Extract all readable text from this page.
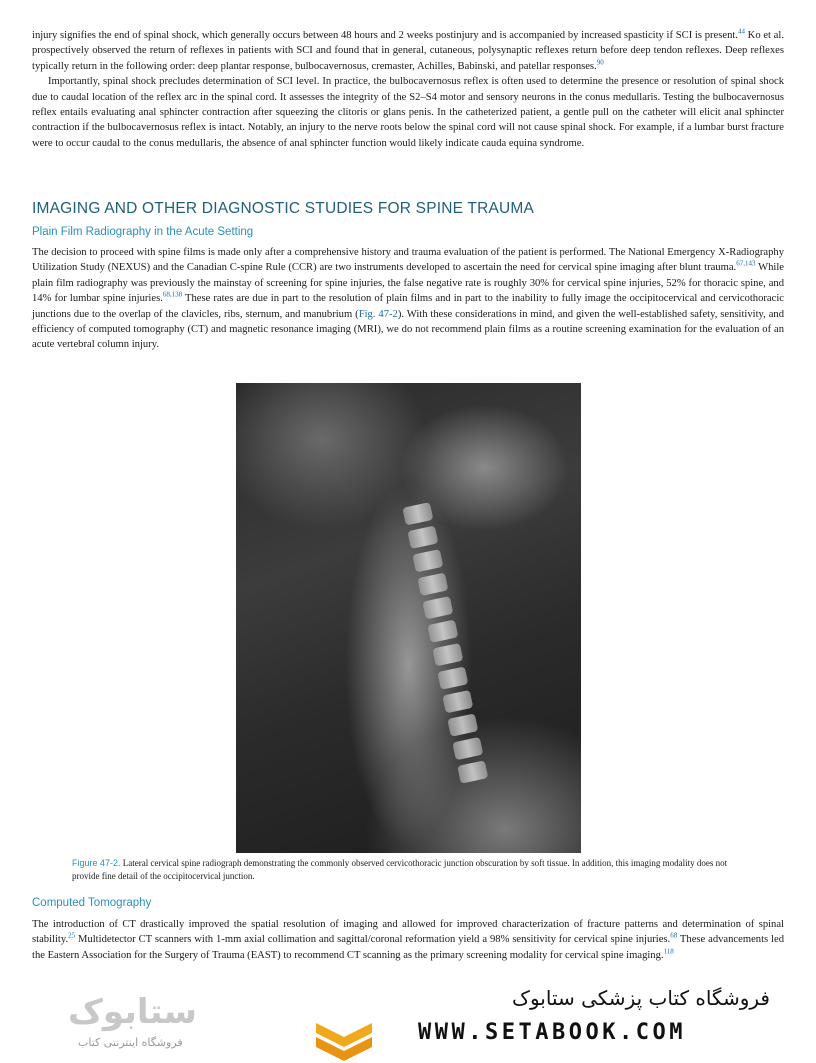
injury signifies the end of spinal shock, which generally occurs between 48 hours and 2 weeks postinjury and is accompanied by increased spasticity if SCI is present.$^{44}$ Ko et al. prospectively observed the return of reflexes in patients with SCI and found that in general, cutaneous, polysynaptic reflexes return before deep tendon reflexes. Deep reflexes typically return in the following order: deep plantar response, bulbocavernosus, cremaster, Achilles, Babinski, and patellar responses.$^{90}$

Importantly, spinal shock precludes determination of SCI level. In practice, the bulbocavernosus reflex is often used to determine the presence or resolution of spinal shock due to caudal location of the reflex arc in the spinal cord. It assesses the integrity of the S2–S4 motor and sensory neurons in the conus medullaris. Testing the bulbocavernosus reflex entails evaluating anal sphincter contraction after squeezing the clitoris or glans penis. In the catheterized patient, a gentle pull on the catheter will elicit anal sphincter contraction if the bulbocavernosus reflex is intact. Notably, an injury to the nerve roots below the spinal cord will not cause spinal shock. For example, if a lumbar burst fracture were to occur caudal to the conus medullaris, the absence of anal sphincter function would likely indicate cauda equina syndrome.

IMAGING AND OTHER DIAGNOSTIC STUDIES FOR SPINE TRAUMA
Plain Film Radiography in the Acute Setting

The decision to proceed with spine films is made only after a comprehensive history and trauma evaluation of the patient is performed. The National Emergency X-Radiography Utilization Study (NEXUS) and the Canadian C-spine Rule (CCR) are two instruments developed to ascertain the need for cervical spine imaging after blunt trauma.$^{67,143}$ While plain film radiography was previously the mainstay of screening for spine injuries, the false negative rate is roughly 30% for cervical spine injuries, 52% for thoracic spine, and 14% for lumbar spine injuries.$^{68,138}$ These rates are due in part to the resolution of plain films and in part to the inability to fully image the occipitocervical and cervicothoracic junctions due to the overlap of the clavicles, ribs, sternum, and manubrium (Fig. 47-2). With these considerations in mind, and given the well-established safety, sensitivity, and efficiency of computed tomography (CT) and magnetic resonance imaging (MRI), we do not recommend plain films as a routine screening examination for the evaluation of an acute vertebral column injury.

Figure 47-2. Lateral cervical spine radiograph demonstrating the commonly observed cervicothoracic junction obscuration by soft tissue. In addition, this imaging modality does not provide fine detail of the occipitocervical junction.

Computed Tomography

The introduction of CT drastically improved the spatial resolution of imaging and allowed for improved characterization of fracture patterns and determination of spinal stability.$^{25}$ Multidetector CT scanners with 1-mm axial collimation and sagittal/coronal reformation yield a 98% sensitivity for cervical spine injuries.$^{68}$ These advancements led the Eastern Association for the Surgery of Trauma (EAST) to recommend CT scanning as the primary screening modality for cervical spine imaging.$^{118}$

ستابوک
فروشگاه اینترنتی کتاب
فروشگاه کتاب پزشکی ستابوک
WWW.SETABOOK.COM
